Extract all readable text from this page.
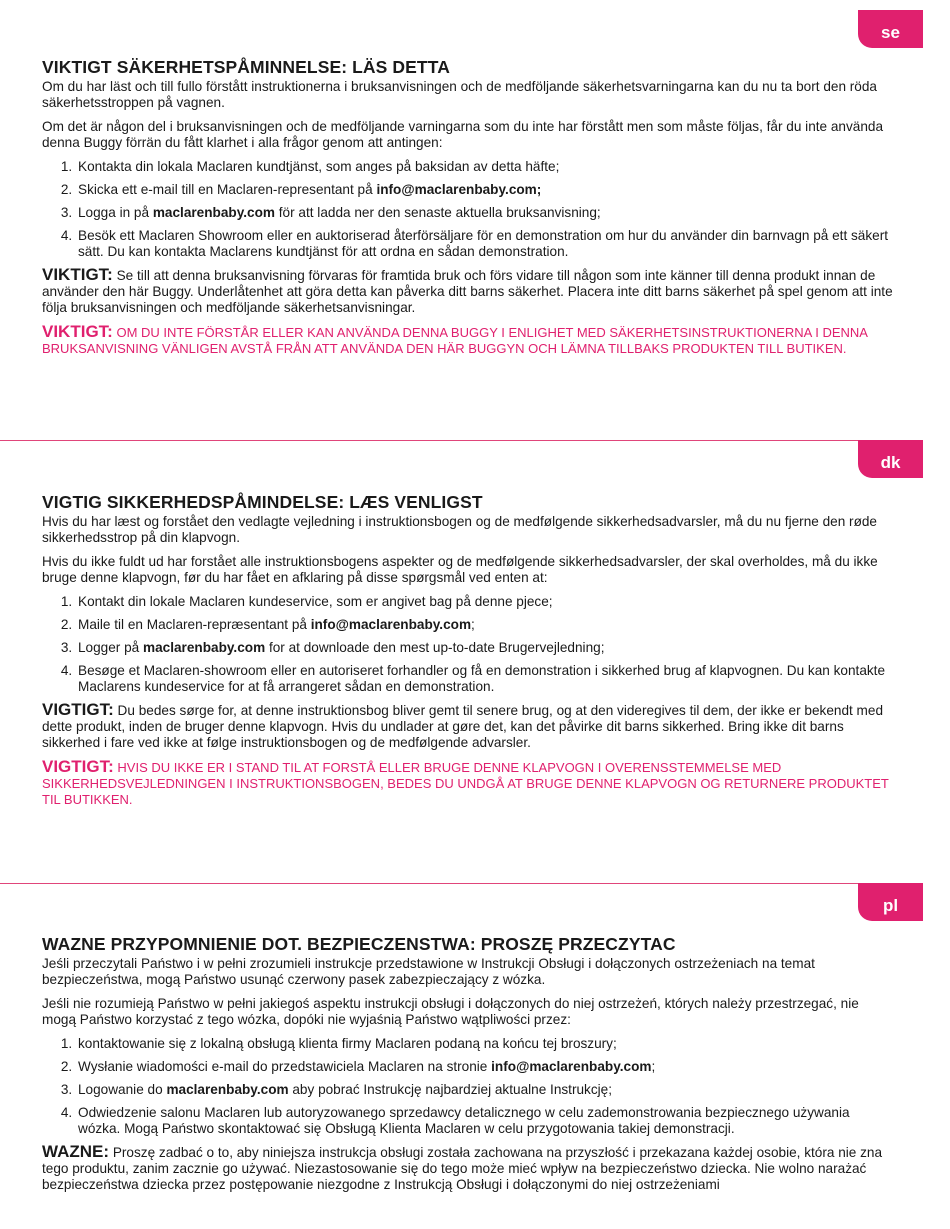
se
VIKTIGT SÄKERHETSPÅMINNELSE: LÄS DETTA

Om du har läst och till fullo förstått instruktionerna i bruksanvisningen och de medföljande säkerhetsvarningarna kan du nu ta bort den röda säkerhetsstroppen på vagnen.

Om det är någon del i bruksanvisningen och de medföljande varningarna som du inte har förstått men som måste följas, får du inte använda denna Buggy förrän du fått klarhet i alla frågor genom att antingen:

1. Kontakta din lokala Maclaren kundtjänst, som anges på baksidan av detta häfte;
2. Skicka ett e-mail till en Maclaren-representant på info@maclarenbaby.com;
3. Logga in på maclarenbaby.com för att ladda ner den senaste aktuella bruksanvisning;
4. Besök ett Maclaren Showroom eller en auktoriserad återförsäljare för en demonstration om hur du använder din barnvagn på ett säkert sätt. Du kan kontakta Maclarens kundtjänst för att ordna en sådan demonstration.

VIKTIGT: Se till att denna bruksanvisning förvaras för framtida bruk och förs vidare till någon som inte känner till denna produkt innan de använder den här Buggy. Underlåtenhet att göra detta kan påverka ditt barns säkerhet. Placera inte ditt barns säkerhet på spel genom att inte följa bruksanvisningen och medföljande säkerhetsanvisningar.

VIKTIGT: OM DU INTE FÖRSTÅR ELLER KAN ANVÄNDA DENNA BUGGY I ENLIGHET MED SÄKERHETSINSTRUKTIONERNA I DENNA BRUKSANVISNING VÄNLIGEN AVSTÅ FRÅN ATT ANVÄNDA DEN HÄR BUGGYN OCH LÄMNA TILLBAKS PRODUKTEN TILL BUTIKEN.

dk
VIGTIG SIKKERHEDSPÅMINDELSE: LÆS VENLIGST

Hvis du har læst og forstået den vedlagte vejledning i instruktionsbogen og de medfølgende sikkerhedsadvarsler, må du nu fjerne den røde sikkerhedsstrop på din klapvogn.

Hvis du ikke fuldt ud har forstået alle instruktionsbogens aspekter og de medfølgende sikkerhedsadvarsler, der skal overholdes, må du ikke bruge denne klapvogn, før du har fået en afklaring på disse spørgsmål ved enten at:

1. Kontakt din lokale Maclaren kundeservice, som er angivet bag på denne pjece;
2. Maile til en Maclaren-repræsentant på info@maclarenbaby.com;
3. Logger på maclarenbaby.com for at downloade den mest up-to-date Brugervejledning;
4. Besøge et Maclaren-showroom eller en autoriseret forhandler og få en demonstration i sikkerhed brug af klapvognen. Du kan kontakte Maclarens kundeservice for at få arrangeret sådan en demonstration.

VIGTIGT: Du bedes sørge for, at denne instruktionsbog bliver gemt til senere brug, og at den videregives til dem, der ikke er bekendt med dette produkt, inden de bruger denne klapvogn. Hvis du undlader at gøre det, kan det påvirke dit barns sikkerhed. Bring ikke dit barns sikkerhed i fare ved ikke at følge instruktionsbogen og de medfølgende advarsler.

VIGTIGT: HVIS DU IKKE ER I STAND TIL AT FORSTÅ ELLER BRUGE DENNE KLAPVOGN I OVERENSSTEMMELSE MED SIKKERHEDSVEJLEDNINGEN I INSTRUKTIONSBOGEN, BEDES DU UNDGÅ AT BRUGE DENNE KLAPVOGN OG RETURNERE PRODUKTET TIL BUTIKKEN.

pl
WAZNE PRZYPOMNIENIE DOT. BEZPIECZENSTWA: PROSZĘ PRZECZYTAC

Jeśli przeczytali Państwo i w pełni zrozumieli instrukcje przedstawione w Instrukcji Obsługi i dołączonych ostrzeżeniach na temat bezpieczeństwa, mogą Państwo usunąć czerwony pasek zabezpieczający z wózka.

Jeśli nie rozumieją Państwo w pełni jakiegoś aspektu instrukcji obsługi i dołączonych do niej ostrzeżeń, których należy przestrzegać, nie mogą Państwo korzystać z tego wózka, dopóki nie wyjaśnią Państwo wątpliwości przez:

1. kontaktowanie się z lokalną obsługą klienta firmy Maclaren podaną na końcu tej broszury;
2. Wysłanie wiadomości e-mail do przedstawiciela Maclaren na stronie info@maclarenbaby.com;
3. Logowanie do maclarenbaby.com aby pobrać Instrukcję najbardziej aktualne Instrukcję;
4. Odwiedzenie salonu Maclaren lub autoryzowanego sprzedawcy detalicznego w celu zademonstrowania bezpiecznego używania wózka. Mogą Państwo skontaktować się Obsługą Klienta Maclaren w celu przygotowania takiej demonstracji.

WAZNE: Proszę zadbać o to, aby niniejsza instrukcja obsługi została zachowana na przyszłość i przekazana każdej osobie, która nie zna tego produktu, zanim zacznie go używać. Niezastosowanie się do tego może mieć wpływ na bezpieczeństwo dziecka. Nie wolno narażać bezpieczeństwa dziecka przez postępowanie niezgodne z Instrukcją Obsługi i dołączonymi do niej ostrzeżeniami
